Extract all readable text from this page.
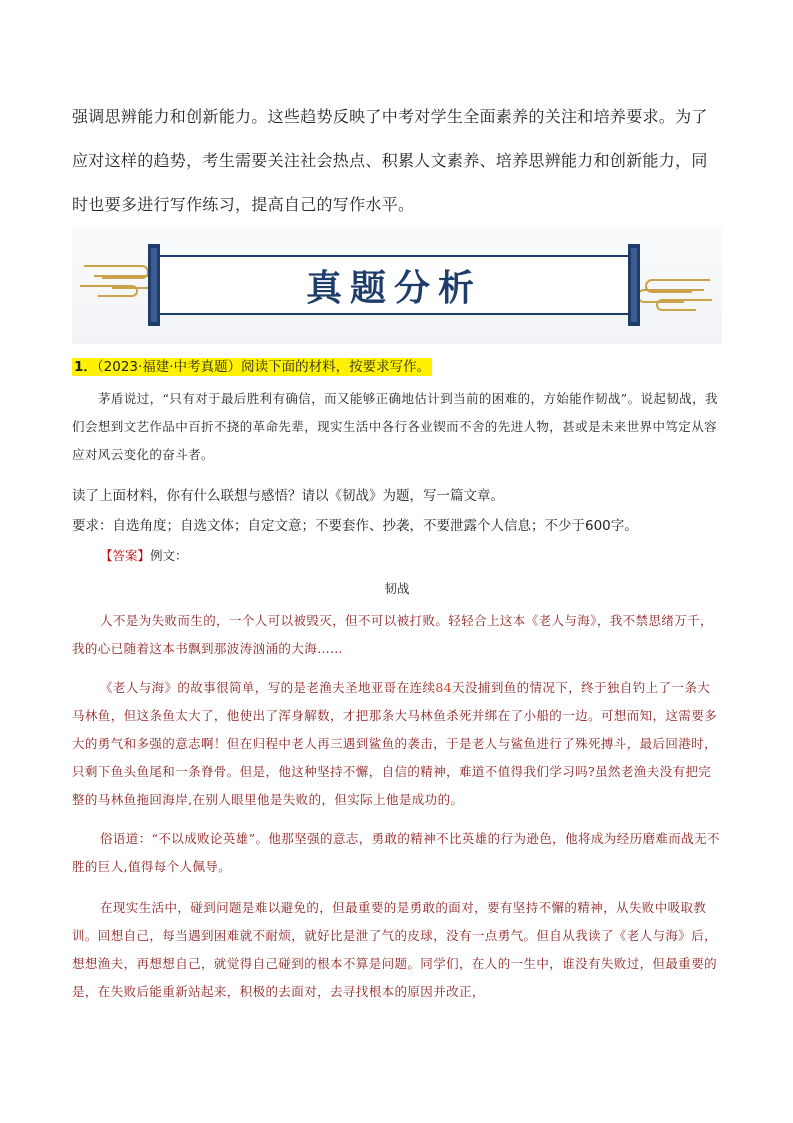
强调思辨能力和创新能力。这些趋势反映了中考对学生全面素养的关注和培养要求。为了应对这样的趋势，考生需要关注社会热点、积累人文素养、培养思辨能力和创新能力，同时也要多进行写作练习，提高自己的写作水平。
真题分析
1．（2023·福建·中考真题）阅读下面的材料，按要求写作。
茅盾说过，“只有对于最后胜利有确信，而又能够正确地估计到当前的困难的，方始能作韧战”。说起韧战，我们会想到文艺作品中百折不挠的革命先辈，现实生活中各行各业锲而不舍的先进人物，甚或是未来世界中笃定从容应对风云变化的奋斗者。
读了上面材料，你有什么联想与感悟？请以《韧战》为题，写一篇文章。
要求：自选角度；自选文体；自定文意；不要套作、抄袭，不要泄露个人信息；不少于600字。
【答案】例文：
韧战
人不是为失败而生的，一个人可以被毁灭，但不可以被打败。轻轻合上这本《老人与海》，我不禁思绪万千，我的心已随着这本书飘到那波涛汹涌的大海……
《老人与海》的故事很简单，写的是老渔夫圣地亚哥在连续84天没捕到鱼的情况下，终于独自钓上了一条大马林鱼，但这条鱼太大了，他使出了浑身解数，才把那条大马林鱼杀死并绑在了小船的一边。可想而知，这需要多大的勇气和多强的意志啊！但在归程中老人再三遇到鲨鱼的袭击，于是老人与鲨鱼进行了殊死搏斗，最后回港时，只剩下鱼头鱼尾和一条脊骨。但是，他这种坚持不懈，自信的精神，难道不值得我们学习吗?虽然老渔夫没有把完整的马林鱼拖回海岸,在别人眼里他是失败的，但实际上他是成功的。
俗语道：“不以成败论英雄”。他那坚强的意志，勇敢的精神不比英雄的行为逊色，他将成为经历磨难而战无不胜的巨人,值得每个人佩导。
在现实生活中，碰到问题是难以避免的，但最重要的是勇敢的面对，要有坚持不懈的精神，从失败中吸取教训。回想自己，每当遇到困难就不耐烦，就好比是泄了气的皮球，没有一点勇气。但自从我读了《老人与海》后，想想渔夫，再想想自己，就觉得自己碰到的根本不算是问题。同学们，在人的一生中，谁没有失败过，但最重要的是，在失败后能重新站起来，积极的去面对，去寻找根本的原因并改正，
